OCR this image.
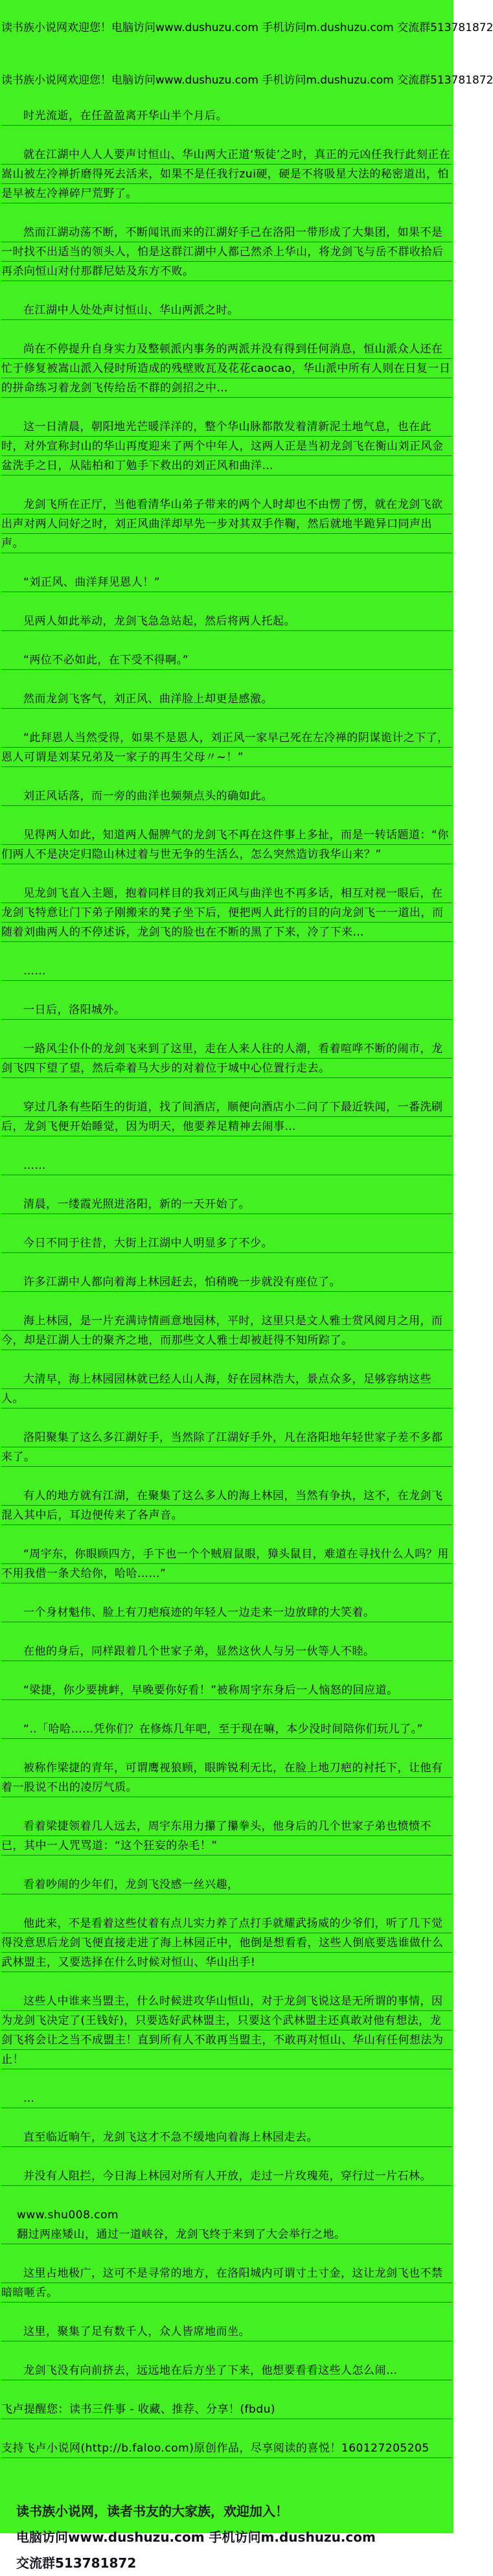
读书族小说网欢迎您！电脑访问www.dushuzu.com 手机访问m.dushuzu.com 交流群513781872
读书族小说网欢迎您！电脑访问www.dushuzu.com 手机访问m.dushuzu.com 交流群513781872
时光流逝，在任盈盈离开华山半个月后。
就在江湖中人人人要声讨恒山、华山两大正道‘叛徒’之时，真正的元凶任我行此刻正在嵩山被左冷禅折磨得死去活来，如果不是任我行zui硬，硬是不将吸星大法的秘密道出，怕是早被左冷禅碎尸荒野了。
然而江湖动荡不断，不断闻讯而来的江湖好手己在洛阳一带形成了大集团，如果不是一时找不出适当的领头人，怕是这群江湖中人都己然杀上华山，将龙剑飞与岳不群收拾后再杀向恒山对付那群尼姑及东方不败。
在江湖中人处处声讨恒山、华山两派之时。
尚在不停提升自身实力及整顿派内事务的两派并没有得到任何消息，恒山派众人还在忙于修复被嵩山派入侵时所造成的残壁败瓦及花花caocao，华山派中所有人则在日复一日的拼命练习着龙剑飞传给岳不群的剑招之中…
这一日清晨，朝阳地光芒暖洋洋的，整个华山脉都散发着清新泥土地气息，也在此时，对外宣称封山的华山再度迎来了两个中年人，这两人正是当初龙剑飞在衡山刘正风金盆洗手之日，从陆柏和丁勉手下救出的刘正风和曲洋…
龙剑飞所在正厅，当他看清华山弟子带来的两个人时却也不由愣了愣，就在龙剑飞欲出声对两人问好之时，刘正风曲洋却早先一步对其双手作鞠，然后就地半跪异口同声出声。
“刘正风、曲洋拜见恩人！”
见两人如此举动，龙剑飞急急站起，然后将两人托起。
“两位不必如此，在下受不得啊。”
然而龙剑飞客气，刘正风、曲洋脸上却更是感激。
“此拜恩人当然受得，如果不是恩人，刘正风一家早己死在左冷禅的阴谋诡计之下了，恩人可谓是刘某兄弟及一家子的再生父母〃~！”
刘正风话落，而一旁的曲洋也频频点头的确如此。
见得两人如此，知道两人倔脾气的龙剑飞不再在这件事上多扯，而是一转话题道：“你们两人不是决定归隐山林过着与世无争的生活么，怎么突然造访我华山来？”
见龙剑飞直入主题，抱着同样目的我刘正风与曲洋也不再多话，相互对视一眼后，在龙剑飞特意让门下弟子刚搬来的凳子坐下后，便把两人此行的目的向龙剑飞一一道出，而随着刘曲两人的不停述诉，龙剑飞的脸也在不断的黑了下来，冷了下来…
……
一日后，洛阳城外。
一路风尘仆仆的龙剑飞来到了这里，走在人来人往的人潮，看着喧哗不断的闹市，龙剑飞四下望了望，然后牵着马大步的对着位于城中心位置行走去。
穿过几条有些陌生的街道，找了间酒店，顺便向酒店小二问了下最近轶闻，一番洗刷后，龙剑飞便开始睡觉，因为明天，他要养足精神去闹事…
……
清晨，一缕霞光照进洛阳，新的一天开始了。
今日不同于往昔，大街上江湖中人明显多了不少。
许多江湖中人都向着海上林园赶去，怕稍晚一步就没有座位了。
海上林园，是一片充满诗情画意地园林，平时，这里只是文人雅士赏风阅月之用，而今，却是江湖人士的聚齐之地，而那些文人雅士却被赶得不知所踪了。
大清早，海上林园园林就已经人山人海，好在园林浩大，景点众多，足够容纳这些人。
洛阳聚集了这么多江湖好手，当然除了江湖好手外，凡在洛阳地年轻世家子差不多都来了。
有人的地方就有江湖，在聚集了这么多人的海上林园，当然有争执，这不，在龙剑飞混入其中后，耳边便传来了各声音。
“周宇东，你眼顾四方，手下也一个个贼眉鼠眼，獐头鼠目，难道在寻找什么人吗？用不用我借一条犬给你，哈哈……”
一个身材魁伟、脸上有刀疤痕迹的年轻人一边走来一边放肆的大笑着。
在他的身后，同样跟着几个世家子弟，显然这伙人与另一伙等人不睦。
“梁捷，你少要挑衅，早晚要你好看！”被称周宇东身后一人恼怒的回应道。
“‥「哈哈……凭你们？在修炼几年吧，至于现在嘛，本少没时间陪你们玩儿了。”
被称作梁捷的青年，可谓鹰视狼顾，眼眸锐利无比，在脸上地刀疤的衬托下，让他有着一股说不出的凌厉气质。
看着梁捷领着几人远去，周宇东用力攥了攥拳头，他身后的几个世家子弟也愤愤不已，其中一人咒骂道：“这个狂妄的杂毛！”
看着吵闹的少年们，龙剑飞没感一丝兴趣，
他此来，不是看着这些仗着有点儿实力养了点打手就耀武扬威的少爷们，听了几下觉得没意思后龙剑飞便直接走进了海上林园正中，他倒是想看看，这些人倒底要选谁做什么武林盟主，又要选择在什么时候对恒山、华山出手!
这些人中谁来当盟主，什么时候进攻华山恒山，对于龙剑飞说这是无所谓的事情，因为龙剑飞决定了(王钱好)，只要选好武林盟主，只要这个武林盟主还真敢对他有想法，龙剑飞将会让之当不成盟主！直到所有人不敢再当盟主，不敢再对恒山、华山有任何想法为止！
…
直至临近晌午，龙剑飞这才不急不缓地向着海上林园走去。
并没有人阻拦，今日海上林园对所有人开放，走过一片玫瑰苑，穿行过一片石林。
www.shu008.com
翻过两座矮山，通过一道峡谷，龙剑飞终于来到了大会举行之地。
这里占地极广，这可不是寻常的地方，在洛阳城内可谓寸土寸金，这让龙剑飞也不禁暗暗咂舌。
这里，聚集了足有数千人，众人皆席地而坐。
龙剑飞没有向前挤去，远远地在后方坐了下来，他想要看看这些人怎么闹…
飞卢提醒您：读书三件事 - 收藏、推荐、分享！(fbdu)
支持飞卢小说网(http://b.faloo.com)原创作品，尽享阅读的喜悦！160127205205
读书族小说网，读者书友的大家族，欢迎加入！
电脑访问www.dushuzu.com 手机访问m.dushuzu.com
交流群513781872
